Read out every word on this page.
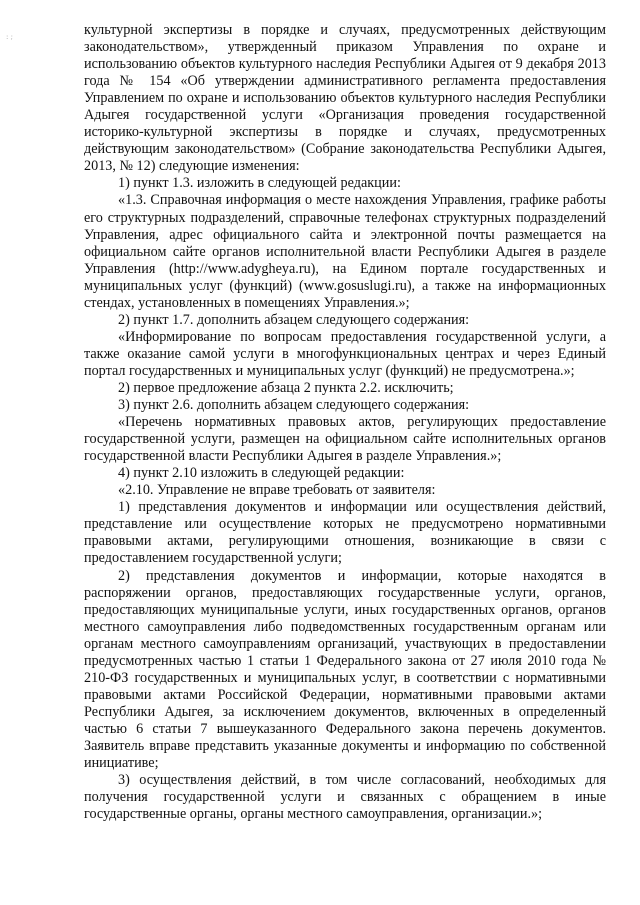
: ;	культурной экспертизы в порядке и случаях, предусмотренных действующим законодательством», утвержденный приказом Управления по охране и использованию объектов культурного наследия Республики Адыгея от 9 декабря 2013 года № 154 «Об утверждении административного регламента предоставления Управлением по охране и использованию объектов культурного наследия Республики Адыгея государственной услуги «Организация проведения государственной историко-культурной экспертизы в порядке и случаях, предусмотренных действующим законодательством» (Собрание законодательства Республики Адыгея, 2013, № 12) следующие изменения:

1) пункт 1.3. изложить в следующей редакции:

«1.3. Справочная информация о месте нахождения Управления, графике работы его структурных подразделений, справочные телефонах структурных подразделений Управления, адрес официального сайта и электронной почты размещается на официальном сайте органов исполнительной власти Республики Адыгея в разделе Управления (http://www.adygheya.ru), на Едином портале государственных и муниципальных услуг (функций) (www.gosuslugi.ru), а также на информационных стендах, установленных в помещениях Управления.»;

2) пункт 1.7. дополнить абзацем следующего содержания:

«Информирование по вопросам предоставления государственной услуги, а также оказание самой услуги в многофункциональных центрах и через Единый портал государственных и муниципальных услуг (функций) не предусмотрена.»;

2) первое предложение абзаца 2 пункта 2.2. исключить;

3) пункт 2.6. дополнить абзацем следующего содержания:

«Перечень нормативных правовых актов, регулирующих предоставление государственной услуги, размещен на официальном сайте исполнительных органов государственной власти Республики Адыгея в разделе Управления.»;

4) пункт 2.10 изложить в следующей редакции:

«2.10. Управление не вправе требовать от заявителя:

1) представления документов и информации или осуществления действий, представление или осуществление которых не предусмотрено нормативными правовыми актами, регулирующими отношения, возникающие в связи с предоставлением государственной услуги;

2) представления документов и информации, которые находятся в распоряжении органов, предоставляющих государственные услуги, органов, предоставляющих муниципальные услуги, иных государственных органов, органов местного самоуправления либо подведомственных государственным органам или органам местного самоуправлениям организаций, участвующих в предоставлении предусмотренных частью 1 статьи 1 Федерального закона от 27 июля 2010 года № 210-ФЗ государственных и муниципальных услуг, в соответствии с нормативными правовыми актами Российской Федерации, нормативными правовыми актами Республики Адыгея, за исключением документов, включенных в определенный частью 6 статьи 7 вышеуказанного Федерального закона перечень документов. Заявитель вправе представить указанные документы и информацию по собственной инициативе;

3) осуществления действий, в том числе согласований, необходимых для получения государственной услуги и связанных с обращением в иные государственные органы, органы местного самоуправления, организации.»;
